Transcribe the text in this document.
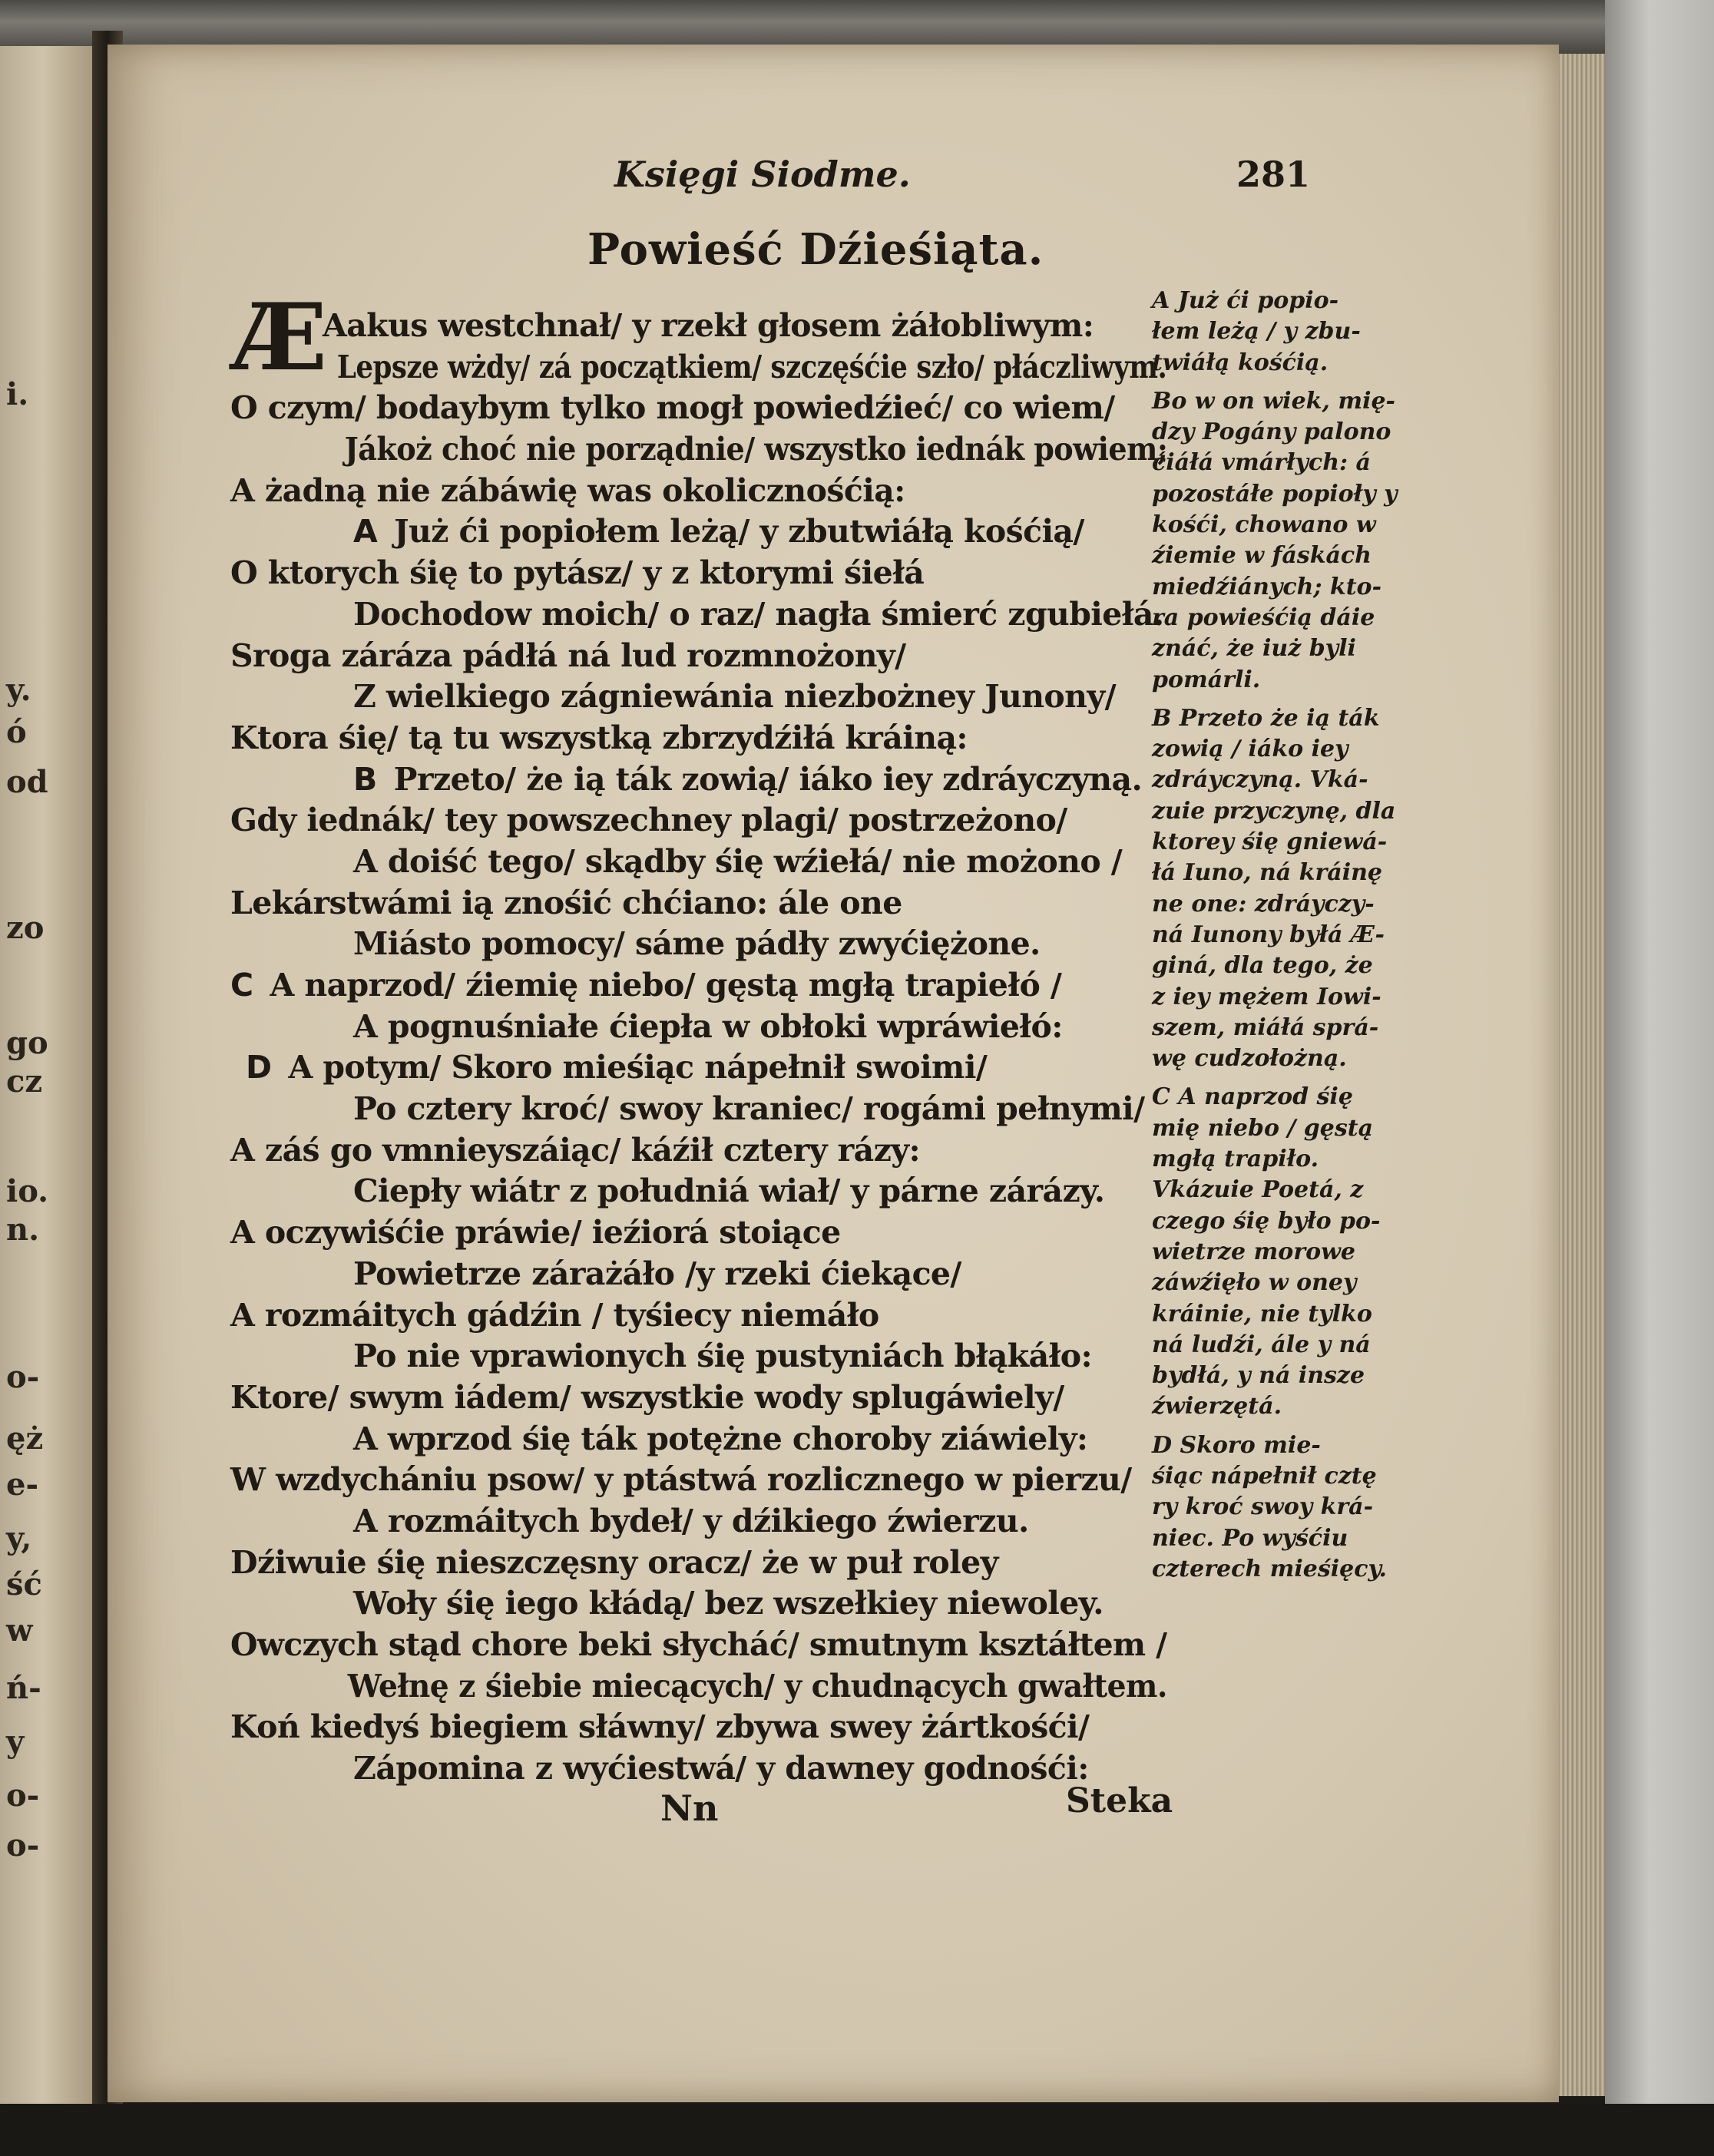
i.
y.
ó
od
zo
go
cz
io.
n.
o-
ęż
e-
y,
ść
w
ń-
y
o-
o-
Księgi Siodme.	281
Powieść Dźieśiąta.
Æ
Aakus westchnał/ y rzekł głosem żáłobliwym:
Lepsze wżdy/ zá początkiem/ szczęśćie szło/ płáczliwym.
O czym/ bodaybym tylko mogł powiedźieć/ co wiem/
Jákoż choć nie porządnie/ wszystko iednák powiem;
A żadną nie zábáwię was okolicznośćią:
A Już ći popiołem leżą/ y zbutwiáłą kośćią/
O ktorych śię to pytász/ y z ktorymi śiełá
Dochodow moich/ o raz/ nagła śmierć zgubiełá.
Sroga záráza pádłá ná lud rozmnożony/
Z wielkiego zágniewánia niezbożney Junony/
Ktora śię/ tą tu wszystką zbrzydźiłá kráiną:
B Przeto/ że ią ták zowią/ iáko iey zdráyczyną.
Gdy iednák/ tey powszechney plagi/ postrzeżono/
A doiść tego/ skądby śię wźiełá/ nie możono /
Lekárstwámi ią znośić chćiano: ále one
Miásto pomocy/ sáme pádły zwyćiężone.
C A naprzod/ źiemię niebo/ gęstą mgłą trapiełó /
A pognuśniałe ćiepła w obłoki wpráwiełó:
D A potym/ Skoro mieśiąc nápełnił swoimi/
Po cztery kroć/ swoy kraniec/ rogámi pełnymi/
A záś go vmnieyszáiąc/ káźił cztery rázy:
Ciepły wiátr z południá wiał/ y párne zárázy.
A oczywiśćie práwie/ ieźiorá stoiące
Powietrze zárażáło /y rzeki ćiekące/
A rozmáitych gádźin / tyśiecy niemáło
Po nie vprawionych śię pustyniách błąkáło:
Ktore/ swym iádem/ wszystkie wody splugáwiely/
A wprzod śię ták potężne choroby ziáwiely:
W wzdychániu psow/ y ptástwá rozlicznego w pierzu/
A rozmáitych bydeł/ y dźikiego źwierzu.
Dźiwuie śię nieszczęsny oracz/ że w puł roley
Woły śię iego kłádą/ bez wszełkiey niewoley.
Owczych stąd chore beki słycháć/ smutnym ksztáłtem /
Wełnę z śiebie miecących/ y chudnących gwałtem.
Koń kiedyś biegiem słáwny/ zbywa swey żártkośći/
Zápomina z wyćiestwá/ y dawney godnośći:
A Już ći popio-
łem leżą / y zbu-
twiáłą kośćią.
Bo w on wiek, mię-
dzy Pogány palono
ćiáłá vmárłych: á
pozostáłe popioły y
kośći, chowano w
źiemie w fáskách
miedźiánych; kto-
ra powieśćią dáie
znáć, że iuż byli
pomárli.
B Przeto że ią ták
zowią / iáko iey
zdráyczyną. Vká-
zuie przyczynę, dla
ktorey śię gniewá-
łá Iuno, ná kráinę
ne one: zdráyczy-
ná Iunony byłá Æ-
giná, dla tego, że
z iey mężem Iowi-
szem, miáłá sprá-
wę cudzołożną.
C A naprzod śię
mię niebo / gęstą
mgłą trapiło.
Vkázuie Poetá, z
czego śię było po-
wietrze morowe
záwźięło w oney
kráinie, nie tylko
ná ludźi, ále y ná
bydłá, y ná insze
źwierzętá.
D Skoro mie-
śiąc nápełnił cztę
ry kroć swoy krá-
niec. Po wyśćiu
czterech mieśięcy.
Nn	Steka
